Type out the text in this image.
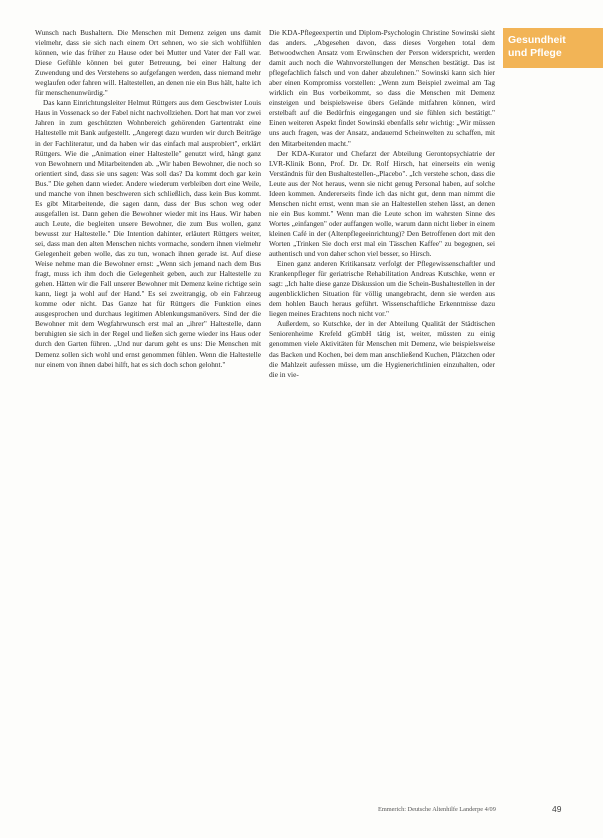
Gesundheit
und Pflege

Wunsch nach Bushaltern. Die Menschen mit Demenz zeigen uns damit vielmehr, dass sie sich nach einem Ort sehnen, wo sie sich wohlfühlen können, wie das früher zu Hause oder bei Mutter und Vater der Fall war. Diese Gefühle können bei guter Betreuung, bei einer Haltung der Zuwendung und des Verstehens so aufgefangen werden, dass niemand mehr weglaufen oder fahren will. Haltestellen, an denen nie ein Bus hält, halte ich für menschenunwürdig."

Das kann Einrichtungsleiter Helmut Rüttgers aus dem Gescbwister Louis Haus in Vossenack so der Fabel nicht nachvollziehen. Dort hat man vor zwei Jahren in zum geschützten Wohnbereich gehörenden Gartentrakt eine Haltestelle mit Bank aufgestellt. „Angeregt dazu wurden wir durch Beiträge in der Fachliteratur, und da haben wir das einfach mal ausprobiert", erklärt Rüttgers. Wie die „Animation einer Haltestelle" genutzt wird, hängt ganz von Bewohnern und Mitarbeitenden ab. „Wir haben Bewohner, die noch so orientiert sind, dass sie uns sagen: Was soll das? Da kommt doch gar kein Bus." Die gehen dann wieder. Andere wiederum verbleiben dort eine Weile, und manche von ihnen beschweren sich schließlich, dass kein Bus kommt. Es gibt Mitarbeitende, die sagen dann, dass der Bus schon weg oder ausgefallen ist. Dann gehen die Bewohner wieder mit ins Haus. Wir haben auch Leute, die begleiten unsere Bewohner, die zum Bus wollen, ganz bewusst zur Haltestelle." Die Intention dahinter, erläutert Rüttgers weiter, sei, dass man den alten Menschen nichts vormache, sondern ihnen vielmehr Gelegenheit geben wolle, das zu tun, wonach ihnen gerade ist. Auf diese Weise nehme man die Bewohner ernst: „Wenn sich jemand nach dem Bus fragt, muss ich ihm doch die Gelegenheit geben, auch zur Haltestelle zu gehen. Hätten wir die Fall unserer Bewohner mit Demenz keine richtige sein kann, liegt ja wohl auf der Hand." Es sei zweitrangig, ob ein Fahrzeug komme oder nicht. Das Ganze hat für Rüttgers die Funktion eines ausgesprochen und durchaus legitimen Ablenkungsmanövers. Sind der die Bewohner mit dem Wegfahrwunsch erst mal an „ihrer" Haltestelle, dann beruhigten sie sich in der Regel und ließen sich gerne wieder ins Haus oder durch den Garten führen. „Und nur darum geht es uns: Die Menschen mit Demenz sollen sich wohl und ernst genommen fühlen. Wenn die Haltestelle nur einem von ihnen dabei hilft, hat es sich doch schon gelohnt."

Die KDA-Pflegeexpertin und Diplom-Psychologin Christine Sowinski sieht das anders. „Abgesehen davon, dass dieses Vorgehen total dem Betwoodwchen Ansatz vom Erwünschen der Person widerspricht, werden damit auch noch die Wahnvorstellungen der Menschen bestätigt. Das ist pflegefachlich falsch und von daher abzulehnen." Sowinski kann sich hier aber einen Kompromiss vorstellen: „Wenn zum Beispiel zweimal am Tag wirklich ein Bus vorbeikommt, so dass die Menschen mit Demenz einsteigen und beispielsweise übers Gelände mitfahren können, wird erstelbaft auf die Bedürfnis eingegangen und sie fühlen sich bestätigt." Einen weiteren Aspekt findet Sowinski ebenfalls sehr wichtig: „Wir müssen uns auch fragen, was der Ansatz, andauernd Scheinwelten zu schaffen, mit den Mitarbeitenden macht."

Der KDA-Kurator und Chefarzt der Abteilung Gerontopsychiatrie der LVR-Klinik Bonn, Prof. Dr. Dr. Rolf Hirsch, hat einerseits ein wenig Verständnis für den Bushaltestellen-„Placebo". „Ich verstehe schon, dass die Leute aus der Not heraus, wenn sie nicht genug Personal haben, auf solche Ideen kommen. Andererseits finde ich das nicht gut, denn man nimmt die Menschen nicht ernst, wenn man sie an Haltestellen stehen lässt, an denen nie ein Bus kommt." Wenn man die Leute schon im wahrsten Sinne des Wortes „einfangen" oder auffangen wolle, warum dann nicht lieber in einem kleinen Café in der (Altenpflegeeinrichtung)? Den Betroffenen dort mit den Worten „Trinken Sie doch erst mal ein Tässchen Kaffee" zu begegnen, sei authentisch und von daher schon viel besser, so Hirsch.

Einen ganz anderen Kritikansatz verfolgt der Pflegewissenschaftler und Krankenpfleger für geriatrische Rehabilitation Andreas Kutschke, wenn er sagt: „Ich halte diese ganze Diskussion um die Schein-Bushaltestellen in der augenblicklichen Situation für völlig unangebracht, denn sie werden aus dem hohlen Bauch heraus geführt. Wissenschaftliche Erkenntnisse dazu liegen meines Erachtens noch nicht vor."

Außerdem, so Kutschke, der in der Abteilung Qualität der Städtischen Seniorenheime Krefeld gGmbH tätig ist, weiter, müssten zu einig genommen viele Aktivitäten für Menschen mit Demenz, wie beispielsweise das Backen und Kochen, bei dem man anschließend Kuchen, Plätzchen oder die Mahlzeit aufessen müsse, um die Hygienerichtlinien einzuhalten, oder die in vie-

Emmerich: Deutsche Altenhilfe Landerpe 4/09	49
